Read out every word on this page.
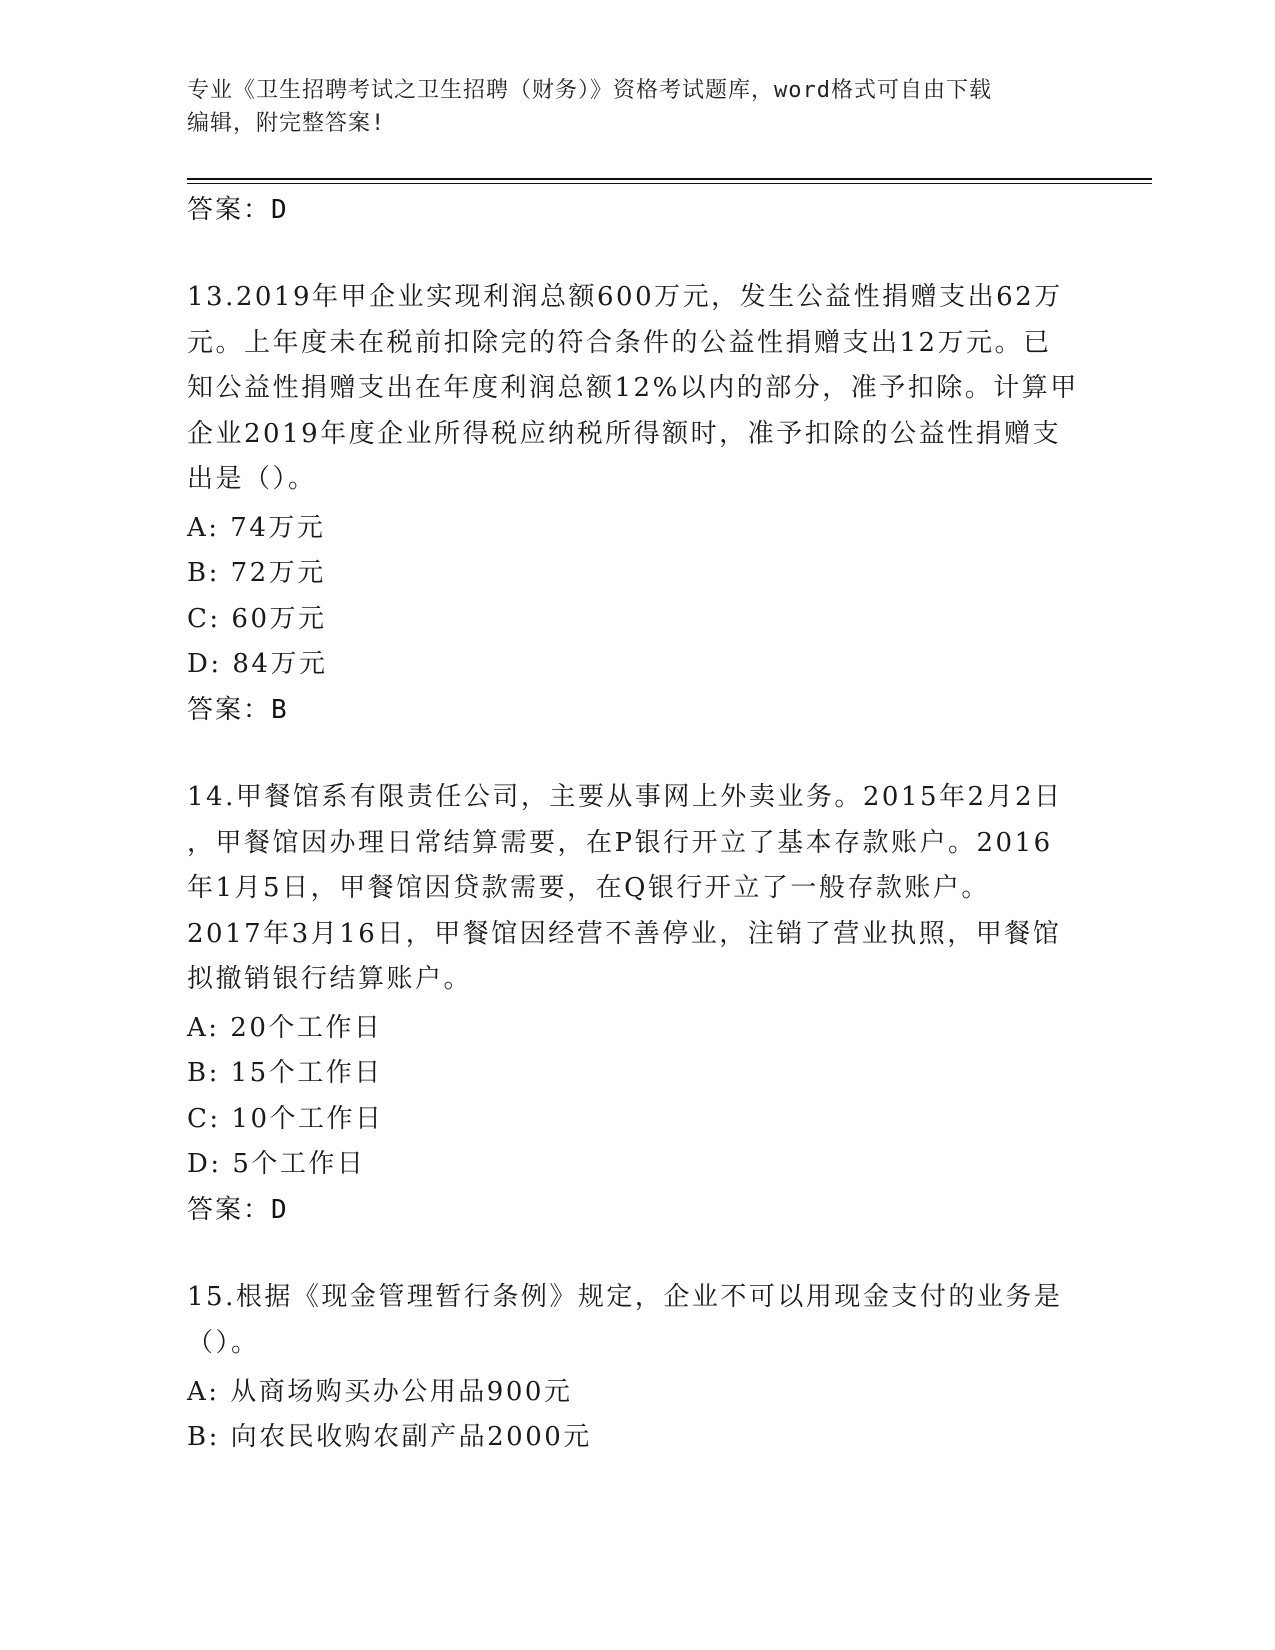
专业《卫生招聘考试之卫生招聘（财务）》资格考试题库，word格式可自由下载
编辑，附完整答案!
答案：D
13.2019年甲企业实现利润总额600万元，发生公益性捐赠支出62万
元。上年度未在税前扣除完的符合条件的公益性捐赠支出12万元。已
知公益性捐赠支出在年度利润总额12%以内的部分，准予扣除。计算甲
企业2019年度企业所得税应纳税所得额时，准予扣除的公益性捐赠支
出是（）。
A: 74万元
B: 72万元
C: 60万元
D: 84万元
答案：B
14.甲餐馆系有限责任公司，主要从事网上外卖业务。2015年2月2日
，甲餐馆因办理日常结算需要，在P银行开立了基本存款账户。2016
年1月5日，甲餐馆因贷款需要，在Q银行开立了一般存款账户。
2017年3月16日，甲餐馆因经营不善停业，注销了营业执照，甲餐馆
拟撤销银行结算账户。
A: 20个工作日
B: 15个工作日
C: 10个工作日
D: 5个工作日
答案：D
15.根据《现金管理暂行条例》规定，企业不可以用现金支付的业务是
（）。
A: 从商场购买办公用品900元
B: 向农民收购农副产品2000元
